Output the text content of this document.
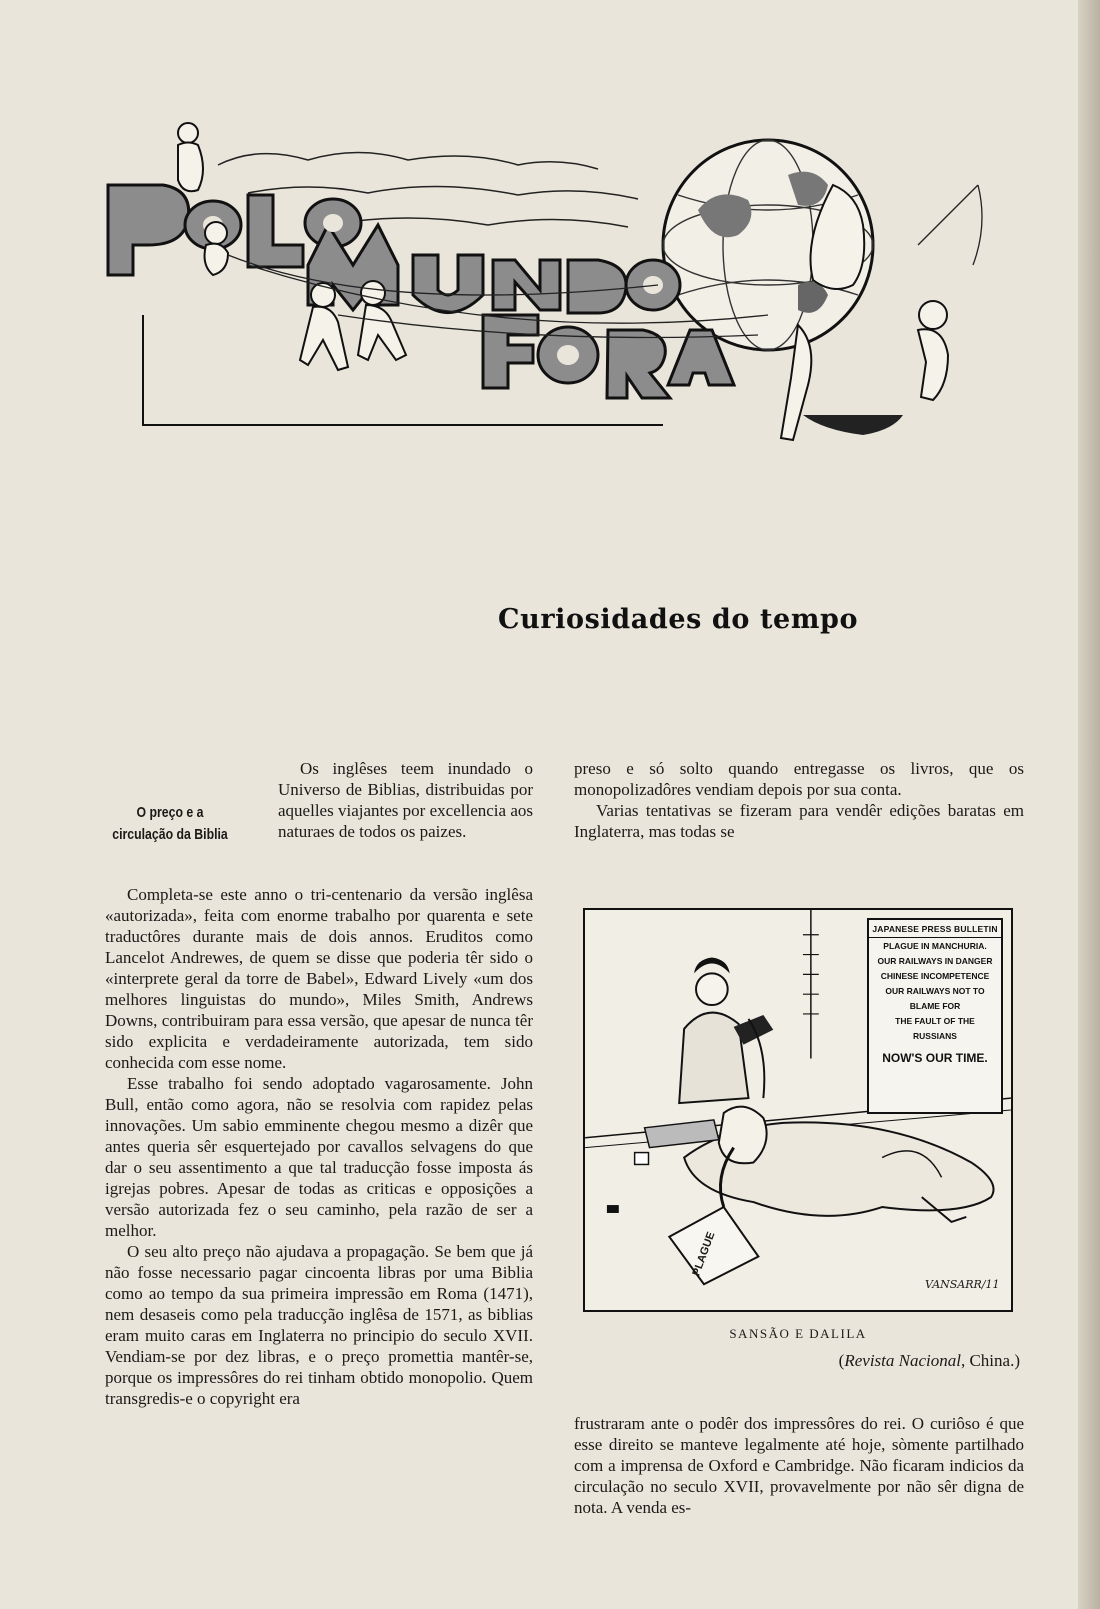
Curiosidades do tempo
O preço e a circulação da Biblia

Os inglêses teem inundado o Universo de Biblias, distribuidas por aquelles viajantes por excellencia aos naturaes de todos os paizes.

Completa-se este anno o tri-centenario da versão inglêsa «autorizada», feita com enorme trabalho por quarenta e sete traductôres durante mais de dois annos. Eruditos como Lancelot Andrewes, de quem se disse que poderia têr sido o «interprete geral da torre de Babel», Edward Lively «um dos melhores linguistas do mundo», Miles Smith, Andrews Downs, contribuiram para essa versão, que apesar de nunca têr sido explicita e verdadeiramente autorizada, tem sido conhecida com esse nome.

Esse trabalho foi sendo adoptado vagarosamente. John Bull, então como agora, não se resolvia com rapidez pelas innovações. Um sabio emminente chegou mesmo a dizêr que antes queria sêr esquertejado por cavallos selvagens do que dar o seu assentimento a que tal traducção fosse imposta ás igrejas pobres. Apesar de todas as criticas e opposições a versão autorizada fez o seu caminho, pela razão de ser a melhor.

O seu alto preço não ajudava a propagação. Se bem que já não fosse necessario pagar cincoenta libras por uma Biblia como ao tempo da sua primeira impressão em Roma (1471), nem desaseis como pela traducção inglêsa de 1571, as biblias eram muito caras em Inglaterra no principio do seculo XVII. Vendiam-se por dez libras, e o preço promettia mantêr-se, porque os impressôres do rei tinham obtido monopolio. Quem transgredis-e o copyright era

preso e só solto quando entregasse os livros, que os monopolizadôres vendiam depois por sua conta.

Varias tentativas se fizeram para vendêr edições baratas em Inglaterra, mas todas se

JAPANESE PRESS BULLETIN
PLAGUE IN MANCHURIA.
OUR RAILWAYS IN DANGER
CHINESE INCOMPETENCE
OUR RAILWAYS NOT TO
BLAME FOR
THE FAULT OF THE
RUSSIANS
NOW'S OUR TIME.
PLAGUE
VANSARR/11
SANSÃO E DALILA
(Revista Nacional, China.)

frustraram ante o podêr dos impressôres do rei. O curiôso é que esse direito se manteve legalmente até hoje, sòmente partilhado com a imprensa de Oxford e Cambridge. Não ficaram indicios da circulação no seculo XVII, provavelmente por não sêr digna de nota. A venda es-
